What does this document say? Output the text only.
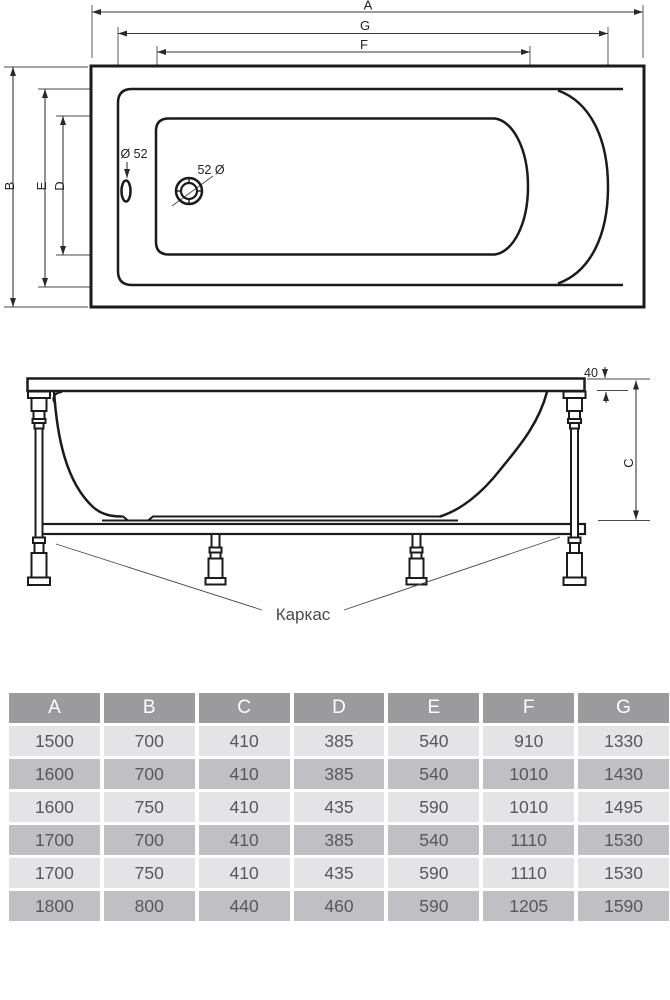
A
G
F
B E D
Ø 52
52 Ø
40
C
Каркас
A	B	C	D	E	F	G
1500	700	410	385	540	910	1330
1600	700	410	385	540	1010	1430
1600	750	410	435	590	1010	1495
1700	700	410	385	540	1110	1530
1700	750	410	435	590	1110	1530
1800	800	440	460	590	1205	1590
